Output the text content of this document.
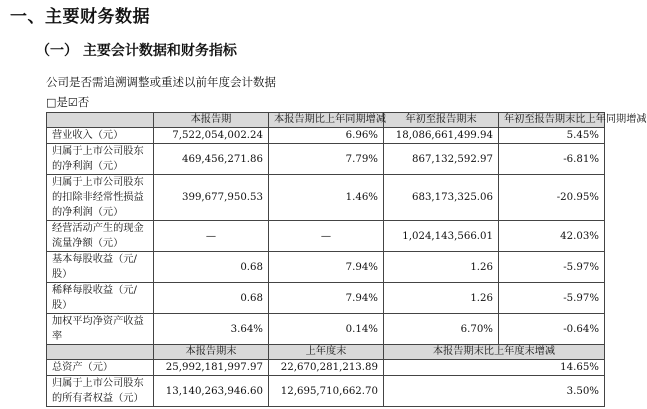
一、主要财务数据
（一） 主要会计数据和财务指标
公司是否需追溯调整或重述以前年度会计数据
□是☑否
	本报告期	本报告期比上年同期增减	年初至报告期末	年初至报告期末比上年同期增减
营业收入（元）	7,522,054,002.24	6.96%	18,086,661,499.94	5.45%
归属于上市公司股东的净利润（元）	469,456,271.86	7.79%	867,132,592.97	-6.81%
归属于上市公司股东的扣除非经常性损益的净利润（元）	399,677,950.53	1.46%	683,173,325.06	-20.95%
经营活动产生的现金流量净额（元）	—	—	1,024,143,566.01	42.03%
基本每股收益（元/股）	0.68	7.94%	1.26	-5.97%
稀释每股收益（元/股）	0.68	7.94%	1.26	-5.97%
加权平均净资产收益率	3.64%	0.14%	6.70%	-0.64%
	本报告期末	上年度末	本报告期末比上年度末增减	
总资产（元）	25,992,181,997.97	22,670,281,213.89	14.65%	
归属于上市公司股东的所有者权益（元）	13,140,263,946.60	12,695,710,662.70	3.50%	
